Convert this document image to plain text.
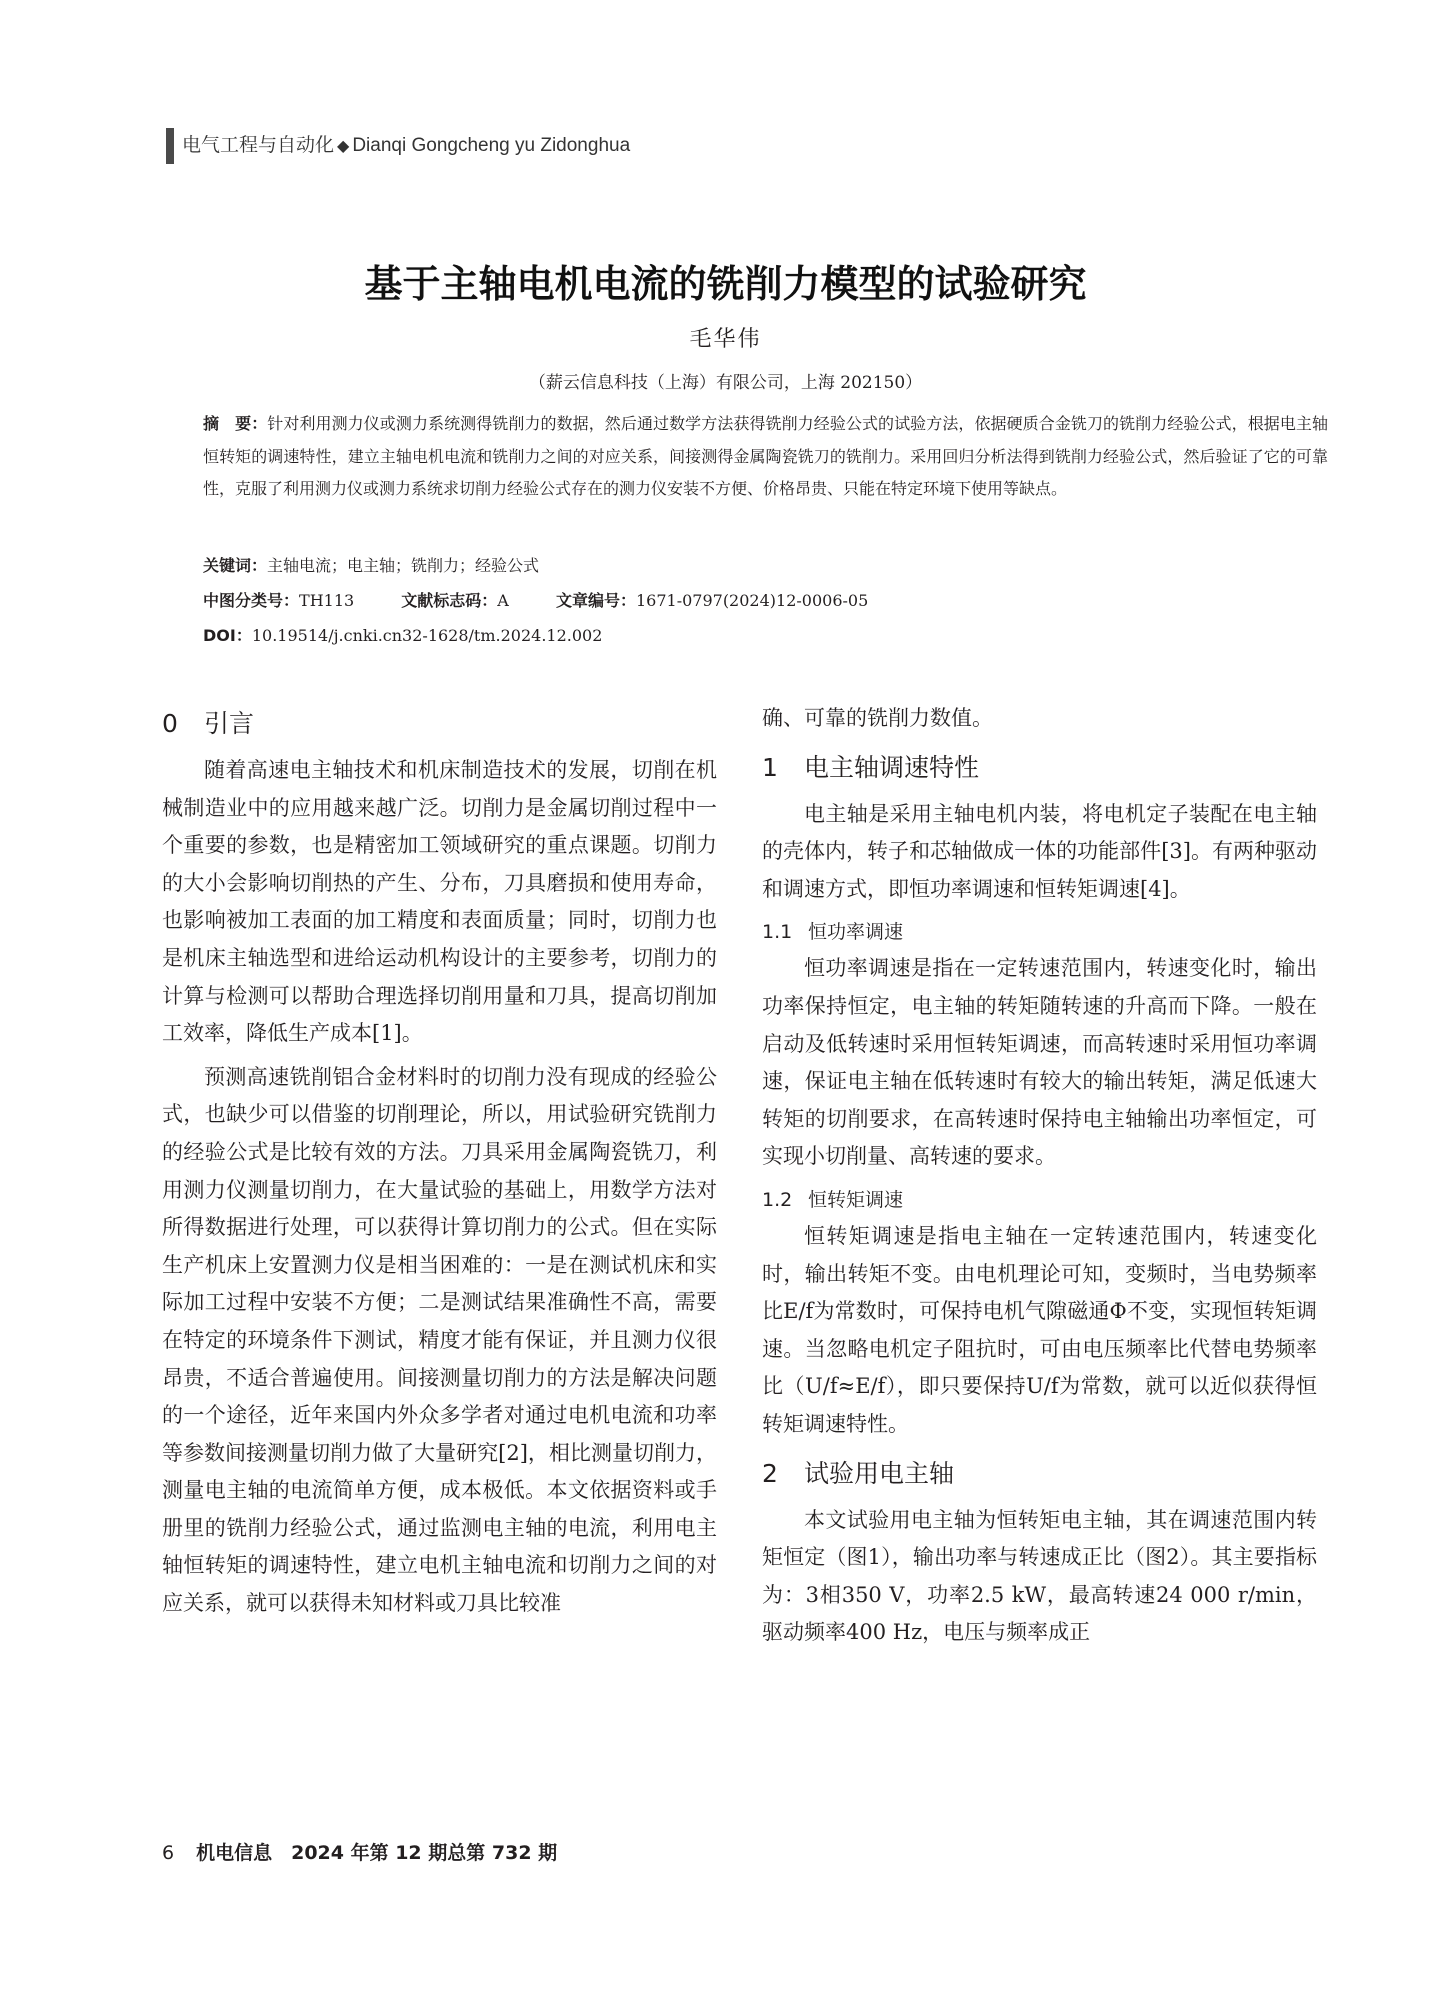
电气工程与自动化 ◆ Dianqi Gongcheng yu Zidonghua
基于主轴电机电流的铣削力模型的试验研究
毛华伟
（薪云信息科技（上海）有限公司，上海 202150）
摘　要：针对利用测力仪或测力系统测得铣削力的数据，然后通过数学方法获得铣削力经验公式的试验方法，依据硬质合金铣刀的铣削力经验公式，根据电主轴恒转矩的调速特性，建立主轴电机电流和铣削力之间的对应关系，间接测得金属陶瓷铣刀的铣削力。采用回归分析法得到铣削力经验公式，然后验证了它的可靠性，克服了利用测力仪或测力系统求切削力经验公式存在的测力仪安装不方便、价格昂贵、只能在特定环境下使用等缺点。
关键词：主轴电流；电主轴；铣削力；经验公式
中图分类号：TH113	文献标志码：A	文章编号：1671-0797(2024)12-0006-05
DOI：10.19514/j.cnki.cn32-1628/tm.2024.12.002
0 引言

随着高速电主轴技术和机床制造技术的发展，切削在机械制造业中的应用越来越广泛。切削力是金属切削过程中一个重要的参数，也是精密加工领域研究的重点课题。切削力的大小会影响切削热的产生、分布，刀具磨损和使用寿命，也影响被加工表面的加工精度和表面质量；同时，切削力也是机床主轴选型和进给运动机构设计的主要参考，切削力的计算与检测可以帮助合理选择切削用量和刀具，提高切削加工效率，降低生产成本[1]。

预测高速铣削铝合金材料时的切削力没有现成的经验公式，也缺少可以借鉴的切削理论，所以，用试验研究铣削力的经验公式是比较有效的方法。刀具采用金属陶瓷铣刀，利用测力仪测量切削力，在大量试验的基础上，用数学方法对所得数据进行处理，可以获得计算切削力的公式。但在实际生产机床上安置测力仪是相当困难的：一是在测试机床和实际加工过程中安装不方便；二是测试结果准确性不高，需要在特定的环境条件下测试，精度才能有保证，并且测力仪很昂贵，不适合普遍使用。间接测量切削力的方法是解决问题的一个途径，近年来国内外众多学者对通过电机电流和功率等参数间接测量切削力做了大量研究[2]，相比测量切削力，测量电主轴的电流简单方便，成本极低。本文依据资料或手册里的铣削力经验公式，通过监测电主轴的电流，利用电主轴恒转矩的调速特性，建立电机主轴电流和切削力之间的对应关系，就可以获得未知材料或刀具比较准

确、可靠的铣削力数值。

1 电主轴调速特性

电主轴是采用主轴电机内装，将电机定子装配在电主轴的壳体内，转子和芯轴做成一体的功能部件[3]。有两种驱动和调速方式，即恒功率调速和恒转矩调速[4]。

1.1 恒功率调速

恒功率调速是指在一定转速范围内，转速变化时，输出功率保持恒定，电主轴的转矩随转速的升高而下降。一般在启动及低转速时采用恒转矩调速，而高转速时采用恒功率调速，保证电主轴在低转速时有较大的输出转矩，满足低速大转矩的切削要求，在高转速时保持电主轴输出功率恒定，可实现小切削量、高转速的要求。

1.2 恒转矩调速

恒转矩调速是指电主轴在一定转速范围内，转速变化时，输出转矩不变。由电机理论可知，变频时，当电势频率比E/f为常数时，可保持电机气隙磁通Φ不变，实现恒转矩调速。当忽略电机定子阻抗时，可由电压频率比代替电势频率比（U/f≈E/f），即只要保持U/f为常数，就可以近似获得恒转矩调速特性。

2 试验用电主轴

本文试验用电主轴为恒转矩电主轴，其在调速范围内转矩恒定（图1），输出功率与转速成正比（图2）。其主要指标为：3相350 V，功率2.5 kW，最高转速24 000 r/min，驱动频率400 Hz，电压与频率成正

6 机电信息　2024 年第 12 期总第 732 期
